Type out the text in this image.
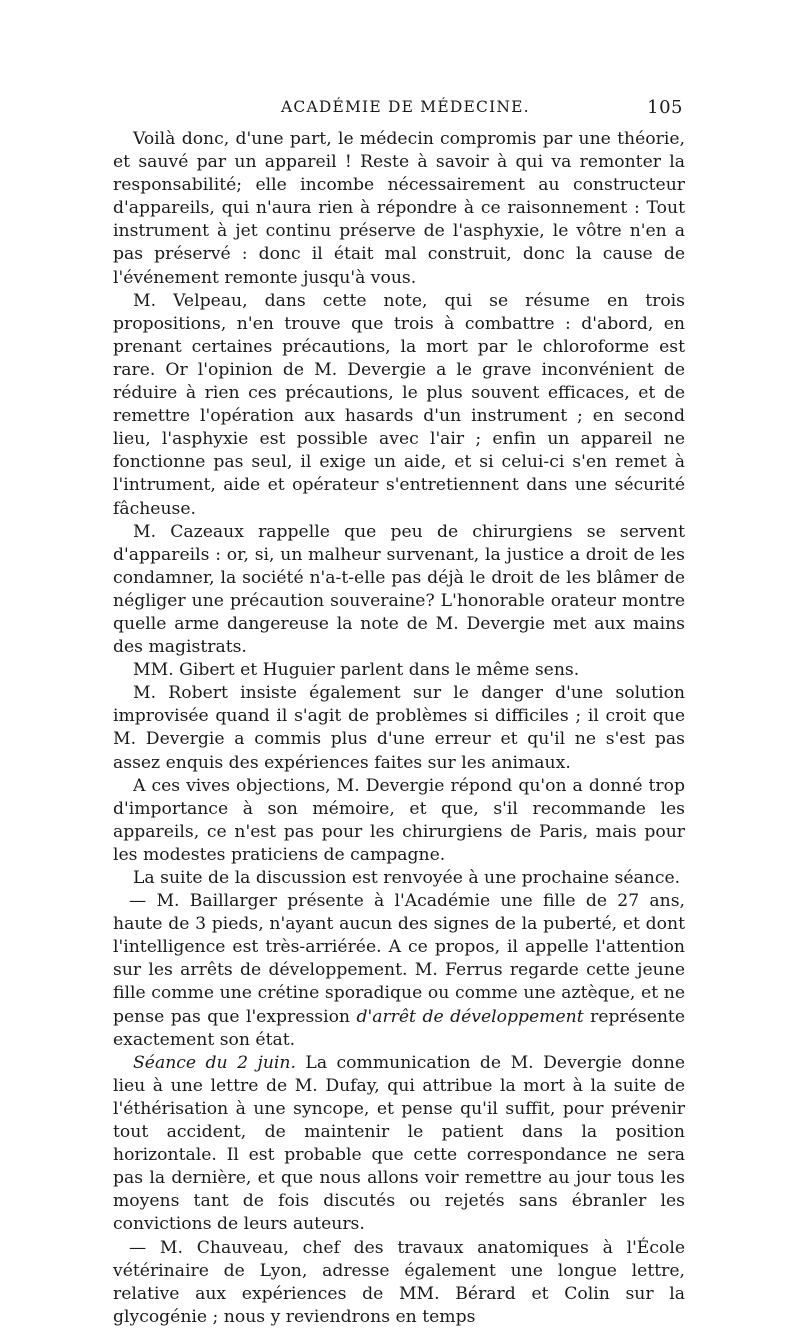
ACADÉMIE DE MÉDECINE.	105

Voilà donc, d'une part, le médecin compromis par une théorie, et sauvé par un appareil ! Reste à savoir à qui va remonter la responsabilité; elle incombe nécessairement au constructeur d'appareils, qui n'aura rien à répondre à ce raisonnement : Tout instrument à jet continu préserve de l'asphyxie, le vôtre n'en a pas préservé : donc il était mal construit, donc la cause de l'événement remonte jusqu'à vous.

M. Velpeau, dans cette note, qui se résume en trois propositions, n'en trouve que trois à combattre : d'abord, en prenant certaines précautions, la mort par le chloroforme est rare. Or l'opinion de M. Devergie a le grave inconvénient de réduire à rien ces précautions, le plus souvent efficaces, et de remettre l'opération aux hasards d'un instrument ; en second lieu, l'asphyxie est possible avec l'air ; enfin un appareil ne fonctionne pas seul, il exige un aide, et si celui-ci s'en remet à l'intrument, aide et opérateur s'entretiennent dans une sécurité fâcheuse.

M. Cazeaux rappelle que peu de chirurgiens se servent d'appareils : or, si, un malheur survenant, la justice a droit de les condamner, la société n'a-t-elle pas déjà le droit de les blâmer de négliger une précaution souveraine? L'honorable orateur montre quelle arme dangereuse la note de M. Devergie met aux mains des magistrats.

MM. Gibert et Huguier parlent dans le même sens.

M. Robert insiste également sur le danger d'une solution improvisée quand il s'agit de problèmes si difficiles ; il croit que M. Devergie a commis plus d'une erreur et qu'il ne s'est pas assez enquis des expériences faites sur les animaux.

A ces vives objections, M. Devergie répond qu'on a donné trop d'importance à son mémoire, et que, s'il recommande les appareils, ce n'est pas pour les chirurgiens de Paris, mais pour les modestes praticiens de campagne.

La suite de la discussion est renvoyée à une prochaine séance.

— M. Baillarger présente à l'Académie une fille de 27 ans, haute de 3 pieds, n'ayant aucun des signes de la puberté, et dont l'intelligence est très-arriérée. A ce propos, il appelle l'attention sur les arrêts de développement. M. Ferrus regarde cette jeune fille comme une crétine sporadique ou comme une aztèque, et ne pense pas que l'expression d'arrêt de développement représente exactement son état.

Séance du 2 juin. La communication de M. Devergie donne lieu à une lettre de M. Dufay, qui attribue la mort à la suite de l'éthérisation à une syncope, et pense qu'il suffit, pour prévenir tout accident, de maintenir le patient dans la position horizontale. Il est probable que cette correspondance ne sera pas la dernière, et que nous allons voir remettre au jour tous les moyens tant de fois discutés ou rejetés sans ébranler les convictions de leurs auteurs.

— M. Chauveau, chef des travaux anatomiques à l'École vétérinaire de Lyon, adresse également une longue lettre, relative aux expériences de MM. Bérard et Colin sur la glycogénie ; nous y reviendrons en temps
